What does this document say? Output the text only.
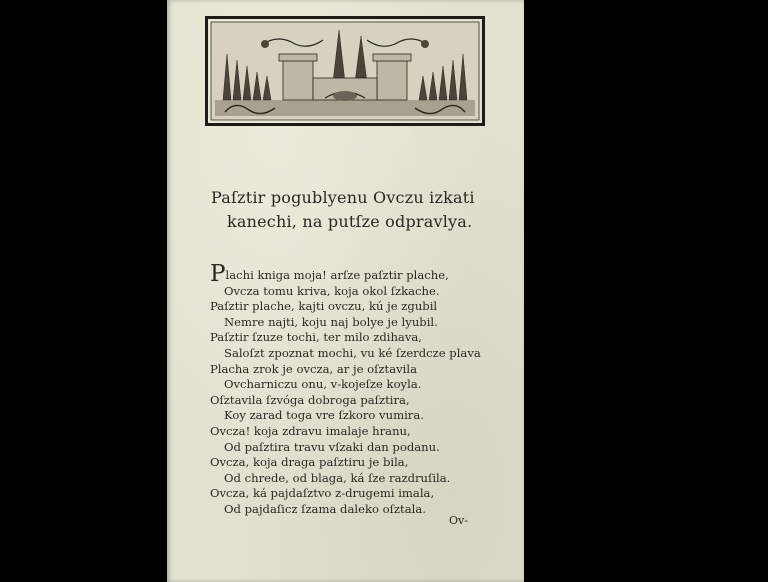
Paſztir pogublyenu Ovczu izkati
kanechi, na putſze odpravlya.
Plachi kniga moja! arſze paſztir plache,
Ovcza tomu kriva, koja okol ſzkache.
Paſztir plache, kajti ovczu, kú je zgubil
Nemre najti, koju naj bolye je lyubil.
Paſztir ſzuze tochi, ter milo zdihava,
Saloſzt zpoznat mochi, vu ké ſzerdcze plava
Placha zrok je ovcza, ar je oſztavila
Ovcharniczu onu, v-kojeſze koyla.
Oſztavila ſzvóga dobroga paſztira,
Koy zarad toga vre ſzkoro vumira.
Ovcza! koja zdravu imalaje hranu,
Od paſztira travu vſzaki dan podanu.
Ovcza, koja draga paſztiru je bila,
Od chrede, od blaga, ká ſze razdruſila.
Ovcza, ká pajdaſztvo z-drugemi imala,
Od pajdaſicz ſzama daleko oſztala.
Ov-
